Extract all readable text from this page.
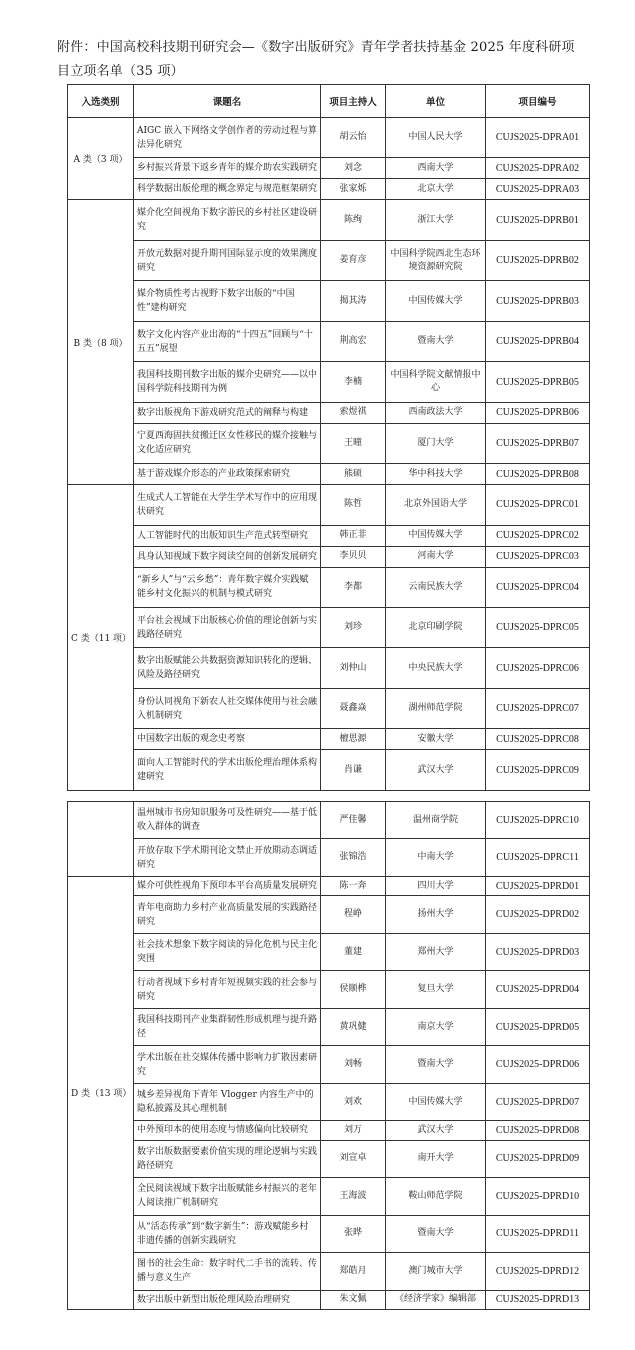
附件：中国高校科技期刊研究会—《数字出版研究》青年学者扶持基金 2025 年度科研项目立项名单（35 项）
入选类别	课题名	项目主持人	单位	项目编号
A 类（3 项）	AIGC 嵌入下网络文学创作者的劳动过程与算法异化研究	胡云怡	中国人民大学	CUJS2025-DPRA01
	乡村振兴背景下返乡青年的媒介助农实践研究	刘念	西南大学	CUJS2025-DPRA02
	科学数据出版伦理的概念界定与规范框架研究	张家烁	北京大学	CUJS2025-DPRA03
B 类（8 项）	媒介化空间视角下数字游民的乡村社区建设研究	陈绚	浙江大学	CUJS2025-DPRB01
	开放元数据对提升期刊国际显示度的效果测度研究	姜育彦	中国科学院西北生态环境资源研究院	CUJS2025-DPRB02
	媒介物质性考古视野下数字出版的“中国性”建构研究	揭其涛	中国传媒大学	CUJS2025-DPRB03
	数字文化内容产业出海的“十四五”回顾与“十五五”展望	荆高宏	暨南大学	CUJS2025-DPRB04
	我国科技期刊数字出版的媒介史研究——以中国科学院科技期刊为例	李楠	中国科学院文献情报中心	CUJS2025-DPRB05
	数字出版视角下游戏研究范式的阐释与构建	索煜祺	西南政法大学	CUJS2025-DPRB06
	宁夏西海固扶贫搬迁区女性移民的媒介接触与文化适应研究	王曈	厦门大学	CUJS2025-DPRB07
	基于游戏媒介形态的产业政策探索研究	熊硕	华中科技大学	CUJS2025-DPRB08
C 类（11 项）	生成式人工智能在大学生学术写作中的应用现状研究	陈哲	北京外国语大学	CUJS2025-DPRC01
	人工智能时代的出版知识生产范式转型研究	韩正非	中国传媒大学	CUJS2025-DPRC02
	具身认知视域下数字阅读空间的创新发展研究	李贝贝	河南大学	CUJS2025-DPRC03
	“新乡人”与“云乡愁”：青年数字媒介实践赋能乡村文化振兴的机制与模式研究	李都	云南民族大学	CUJS2025-DPRC04
	平台社会视域下出版核心价值的理论创新与实践路径研究	刘珍	北京印刷学院	CUJS2025-DPRC05
	数字出版赋能公共数据资源知识转化的逻辑、风险及路径研究	刘仲山	中央民族大学	CUJS2025-DPRC06
	身份认同视角下新农人社交媒体使用与社会融入机制研究	聂鑫焱	湖州师范学院	CUJS2025-DPRC07
	中国数字出版的观念史考察	檀思源	安徽大学	CUJS2025-DPRC08
	面向人工智能时代的学术出版伦理治理体系构建研究	肖谦	武汉大学	CUJS2025-DPRC09
	温州城市书房知识服务可及性研究——基于低收入群体的调查	严佳馨	温州商学院	CUJS2025-DPRC10
	开放存取下学术期刊论文禁止开放期动态调适研究	张锦浩	中南大学	CUJS2025-DPRC11
D 类（13 项）	媒介可供性视角下预印本平台高质量发展研究	陈一奔	四川大学	CUJS2025-DPRD01
	青年电商助力乡村产业高质量发展的实践路径研究	程峥	扬州大学	CUJS2025-DPRD02
	社会技术想象下数字阅读的异化危机与民主化突围	董建	郑州大学	CUJS2025-DPRD03
	行动者视域下乡村青年短视频实践的社会参与研究	侯顺桦	复旦大学	CUJS2025-DPRD04
	我国科技期刊产业集群韧性形成机理与提升路径	黄巩健	南京大学	CUJS2025-DPRD05
	学术出版在社交媒体传播中影响力扩散因素研究	刘畅	暨南大学	CUJS2025-DPRD06
	城乡差异视角下青年 Vlogger 内容生产中的隐私披露及其心理机制	刘欢	中国传媒大学	CUJS2025-DPRD07
	中外预印本的使用态度与情感偏向比较研究	刘万	武汉大学	CUJS2025-DPRD08
	数字出版数据要素价值实现的理论逻辑与实践路径研究	刘宣卓	南开大学	CUJS2025-DPRD09
	全民阅读视域下数字出版赋能乡村振兴的老年人阅读推广机制研究	王海波	鞍山师范学院	CUJS2025-DPRD10
	从“活态传承”到“数字新生”：游戏赋能乡村非遗传播的创新实践研究	张晔	暨南大学	CUJS2025-DPRD11
	图书的社会生命：数字时代二手书的流转、传播与意义生产	郑皓月	澳门城市大学	CUJS2025-DPRD12
	数字出版中新型出版伦理风险治理研究	朱文佩	《经济学家》编辑部	CUJS2025-DPRD13
